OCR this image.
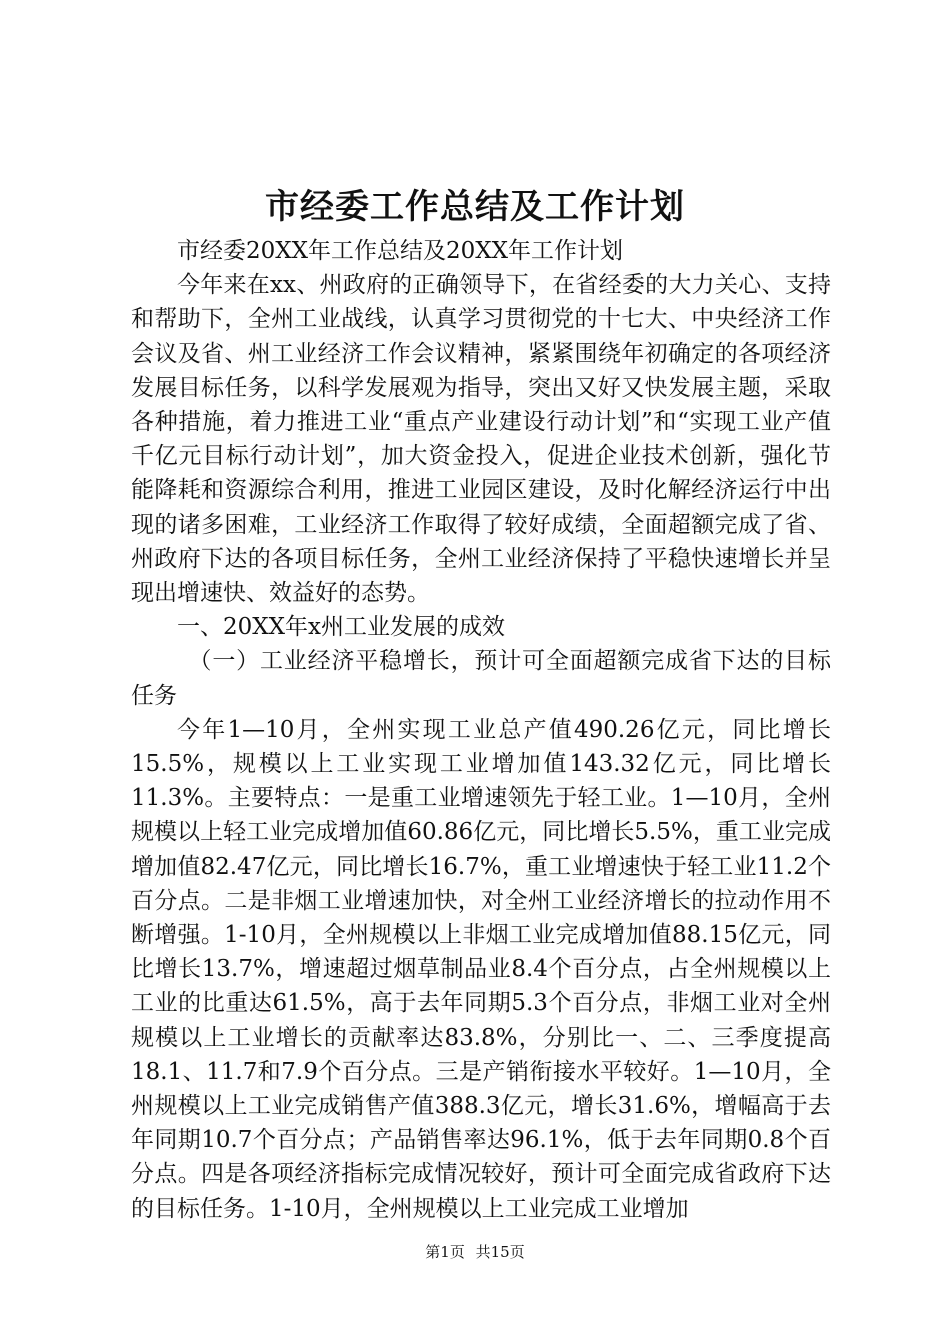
市经委工作总结及工作计划

市经委20XX年工作总结及20XX年工作计划

今年来在xx、州政府的正确领导下，在省经委的大力关心、支持和帮助下，全州工业战线，认真学习贯彻党的十七大、中央经济工作会议及省、州工业经济工作会议精神，紧紧围绕年初确定的各项经济发展目标任务，以科学发展观为指导，突出又好又快发展主题，采取各种措施，着力推进工业“重点产业建设行动计划”和“实现工业产值千亿元目标行动计划”，加大资金投入，促进企业技术创新，强化节能降耗和资源综合利用，推进工业园区建设，及时化解经济运行中出现的诸多困难，工业经济工作取得了较好成绩，全面超额完成了省、州政府下达的各项目标任务，全州工业经济保持了平稳快速增长并呈现出增速快、效益好的态势。

一、20XX年x州工业发展的成效

（一）工业经济平稳增长，预计可全面超额完成省下达的目标任务

今年1—10月，全州实现工业总产值490.26亿元，同比增长15.5%，规模以上工业实现工业增加值143.32亿元，同比增长11.3%。主要特点：一是重工业增速领先于轻工业。1—10月，全州规模以上轻工业完成增加值60.86亿元，同比增长5.5%，重工业完成增加值82.47亿元，同比增长16.7%，重工业增速快于轻工业11.2个百分点。二是非烟工业增速加快，对全州工业经济增长的拉动作用不断增强。1-10月，全州规模以上非烟工业完成增加值88.15亿元，同比增长13.7%，增速超过烟草制品业8.4个百分点，占全州规模以上工业的比重达61.5%，高于去年同期5.3个百分点，非烟工业对全州规模以上工业增长的贡献率达83.8%，分别比一、二、三季度提高18.1、11.7和7.9个百分点。三是产销衔接水平较好。1—10月，全州规模以上工业完成销售产值388.3亿元，增长31.6%，增幅高于去年同期10.7个百分点；产品销售率达96.1%，低于去年同期0.8个百分点。四是各项经济指标完成情况较好，预计可全面完成省政府下达的目标任务。1-10月，全州规模以上工业完成工业增加

第1页 共15页
